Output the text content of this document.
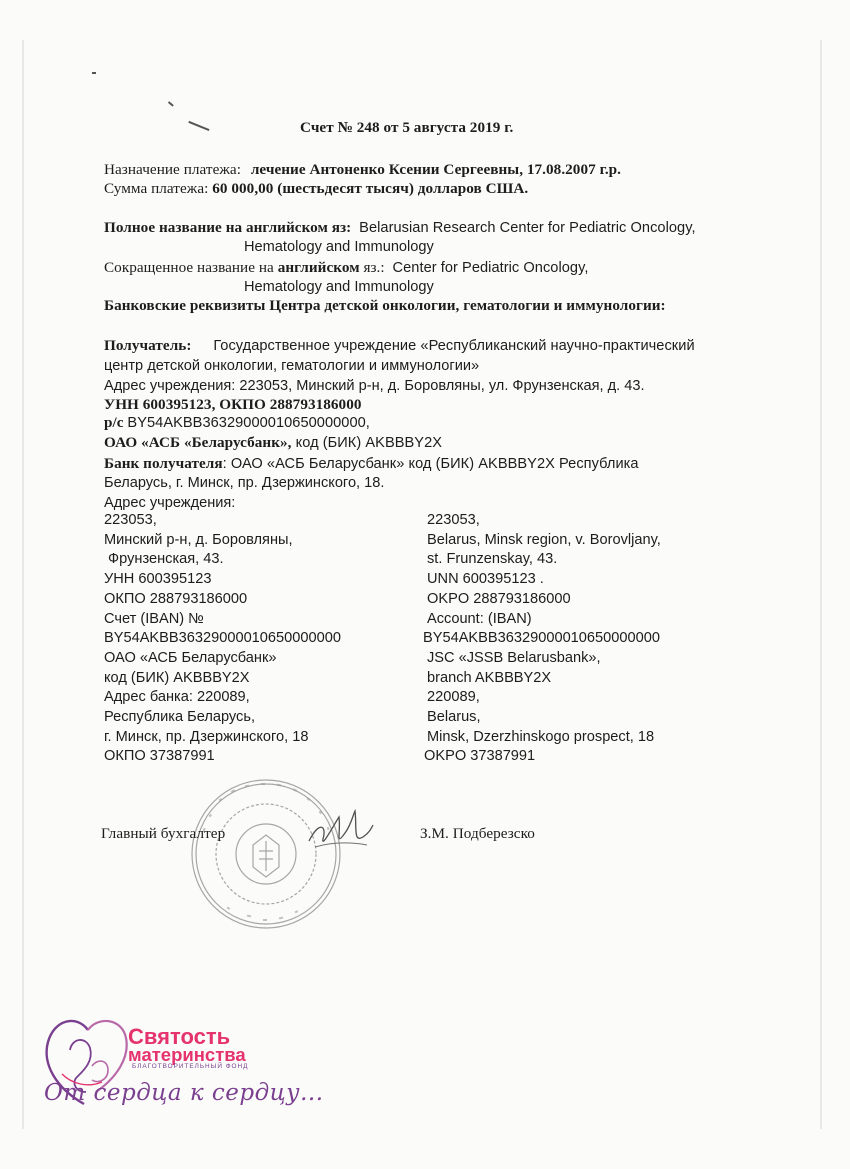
Счет № 248 от 5 августа 2019 г.
Назначение платежа: лечение Антоненко Ксении Сергеевны, 17.08.2007 г.р.
Сумма платежа: 60 000,00 (шестьдесят тысяч) долларов США.
Полное название на английском яз: Belarusian Research Center for Pediatric Oncology,
Hematology and Immunology
Сокращенное название на английском яз.: Center for Pediatric Oncology,
Hematology and Immunology
Банковские реквизиты Центра детской онкологии, гематологии и иммунологии:
Получатель: Государственное учреждение «Республиканский научно-практический
центр детской онкологии, гематологии и иммунологии»
Адрес учреждения: 223053, Минский р-н, д. Боровляны, ул. Фрунзенская, д. 43.
УНН 600395123, ОКПО 288793186000
р/с BY54AKBB36329000010650000000,
ОАО «АСБ «Беларусбанк», код (БИК) AKBBBY2X
Банк получателя: ОАО «АСБ Беларусбанк» код (БИК) AKBBBY2X Республика
Беларусь, г. Минск, пр. Дзержинского, 18.
Адрес учреждения:
223053,
Минский р-н, д. Боровляны,
Фрунзенская, 43.
УНН 600395123
ОКПО 288793186000
Счет (IBAN) №
BY54AKBB36329000010650000000
ОАО «АСБ Беларусбанк»
код (БИК) AKBBBY2X
Адрес банка: 220089,
Республика Беларусь,
г. Минск, пр. Дзержинского, 18
ОКПО 37387991
223053,
Belarus, Minsk region, v. Borovljany,
st. Frunzenskay, 43.
UNN 600395123 .
OKPO 288793186000
Account: (IBAN)
BY54AKBB36329000010650000000
JSC «JSSB Belarusbank»,
branch AKBBBY2X
220089,
Belarus,
Minsk, Dzerzhinskogo prospect, 18
OKPO 37387991
Главный бухгалтер	З.М. Подберезско
Святость
материнства
БЛАГОТВОРИТЕЛЬНЫЙ ФОНД
От сердца к сердцу...
